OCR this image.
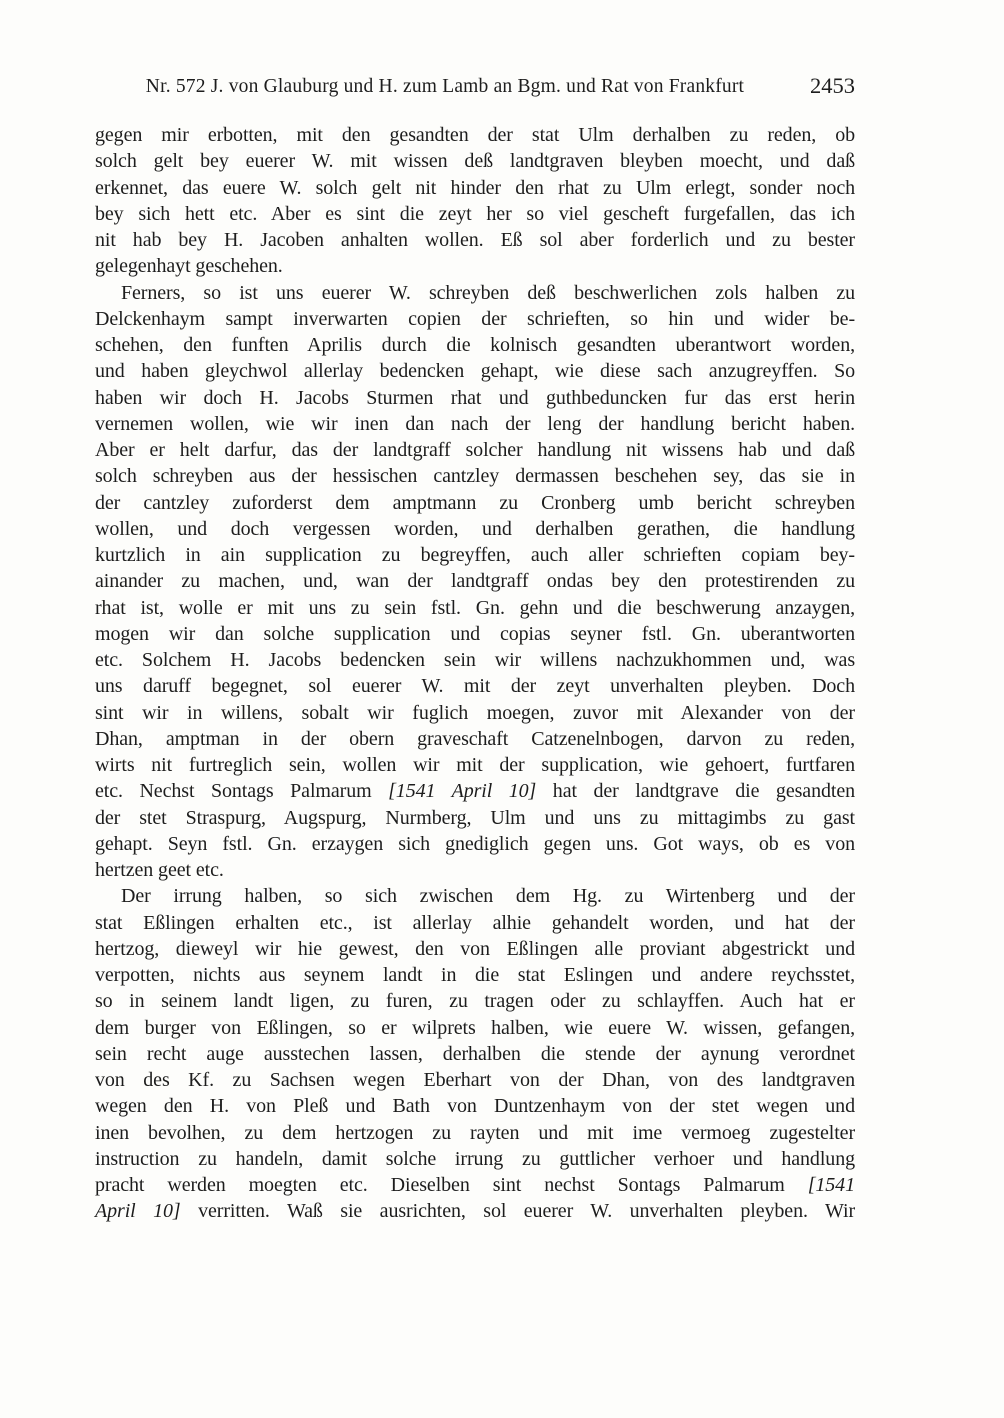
Nr. 572 J. von Glauburg und H. zum Lamb an Bgm. und Rat von Frankfurt	2453
gegen mir erbotten, mit den gesandten der stat Ulm derhalben zu reden, ob
solch gelt bey euerer W. mit wissen deß landtgraven bleyben moecht, und daß
erkennet, das euere W. solch gelt nit hinder den rhat zu Ulm erlegt, sonder noch
bey sich hett etc. Aber es sint die zeyt her so viel gescheft furgefallen, das ich
nit hab bey H. Jacoben anhalten wollen. Eß sol aber forderlich und zu bester
gelegenhayt geschehen.
Ferners, so ist uns euerer W. schreyben deß beschwerlichen zols halben zu
Delckenhaym sampt inverwarten copien der schrieften, so hin und wider be-
schehen, den funften Aprilis durch die kolnisch gesandten uberantwort worden,
und haben gleychwol allerlay bedencken gehapt, wie diese sach anzugreyffen. So
haben wir doch H. Jacobs Sturmen rhat und guthbeduncken fur das erst herin
vernemen wollen, wie wir inen dan nach der leng der handlung bericht haben.
Aber er helt darfur, das der landtgraff solcher handlung nit wissens hab und daß
solch schreyben aus der hessischen cantzley dermassen beschehen sey, das sie in
der cantzley zuforderst dem amptmann zu Cronberg umb bericht schreyben
wollen, und doch vergessen worden, und derhalben gerathen, die handlung
kurtzlich in ain supplication zu begreyffen, auch aller schrieften copiam bey-
ainander zu machen, und, wan der landtgraff ondas bey den protestirenden zu
rhat ist, wolle er mit uns zu sein fstl. Gn. gehn und die beschwerung anzaygen,
mogen wir dan solche supplication und copias seyner fstl. Gn. uberantworten
etc. Solchem H. Jacobs bedencken sein wir willens nachzukhommen und, was
uns daruff begegnet, sol euerer W. mit der zeyt unverhalten pleyben. Doch
sint wir in willens, sobalt wir fuglich moegen, zuvor mit Alexander von der
Dhan, amptman in der obern graveschaft Catzenelnbogen, darvon zu reden,
wirts nit furtreglich sein, wollen wir mit der supplication, wie gehoert, furtfaren
etc. Nechst Sontags Palmarum [1541 April 10] hat der landtgrave die gesandten
der stet Straspurg, Augspurg, Nurmberg, Ulm und uns zu mittagimbs zu gast
gehapt. Seyn fstl. Gn. erzaygen sich gnediglich gegen uns. Got ways, ob es von
hertzen geet etc.
Der irrung halben, so sich zwischen dem Hg. zu Wirtenberg und der
stat Eßlingen erhalten etc., ist allerlay alhie gehandelt worden, und hat der
hertzog, dieweyl wir hie gewest, den von Eßlingen alle proviant abgestrickt und
verpotten, nichts aus seynem landt in die stat Eslingen und andere reychsstet,
so in seinem landt ligen, zu furen, zu tragen oder zu schlayffen. Auch hat er
dem burger von Eßlingen, so er wilprets halben, wie euere W. wissen, gefangen,
sein recht auge ausstechen lassen, derhalben die stende der aynung verordnet
von des Kf. zu Sachsen wegen Eberhart von der Dhan, von des landtgraven
wegen den H. von Pleß und Bath von Duntzenhaym von der stet wegen und
inen bevolhen, zu dem hertzogen zu rayten und mit ime vermoeg zugestelter
instruction zu handeln, damit solche irrung zu guttlicher verhoer und handlung
pracht werden moegten etc. Dieselben sint nechst Sontags Palmarum [1541
April 10] verritten. Waß sie ausrichten, sol euerer W. unverhalten pleyben. Wir
